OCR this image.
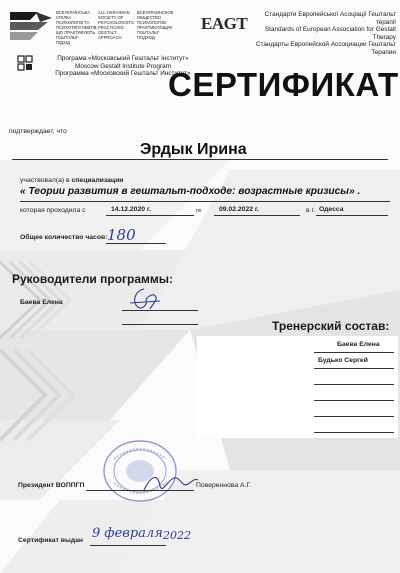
ВСЕУКРАЇНСЬКА
СПІЛКА
ПСИХОЛОГІВ ТА
ПСИХОТЕРАПЕВТІВ,
ЩО ПРАКТИКУЮТЬ
ГЕШТАЛЬТ-
ПІДХІД
ALL-UKRAINIAN
SOCIETY OF
PSYCHOLOGISTS
PRACTICING
GESTALT
APPROACH
ВСЕУКРАИНСКОЕ
ОБЩЕСТВО
ПСИХОЛОГОВ
ПРАКТИКУЮЩИХ
ГЕШТАЛЬТ
ПОДХОД
EAGT	Стандарти Европейської Асоціації Гештальт терапії
Standards of European Association for Gestalt Therapy
Стандарты Европейской Ассоциации Гештальт Терапии
Програма «Московський Гештальт Інститут»
Moscow Gestalt Institute Program
Программа «Московский Гештальт Институт»
СЕРТИФИКАТ
подтверждает, что
Эрдык Ирина
участвовал(а) в специализации
« Теории развития в гештальт-подходе: возрастные кризисы» .
которая проходила с	14.12.2020 г.	по	09.02.2022 г.	в г. Одесса
Общее количество часов: 180
Руководители программы:
Баева Елена
Тренерский состав:
Баева Елена
Будько Сергей
Президент ВОППГП	Повереннова А.Г.
Сертификат выдан 9 февраля 2022
